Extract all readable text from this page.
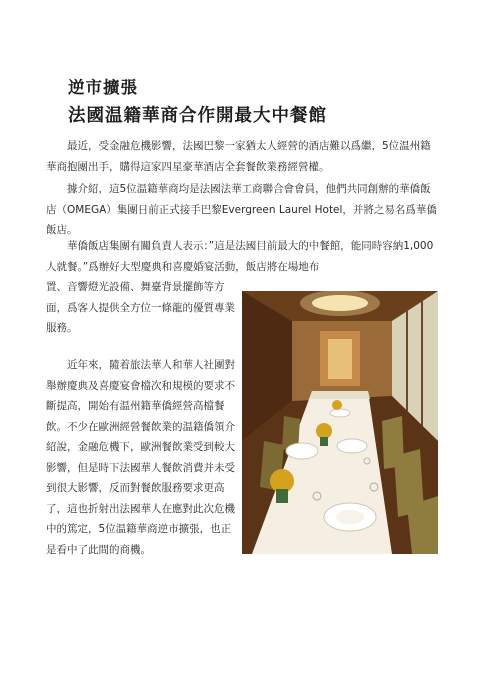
逆市擴張
法國温籍華商合作開最大中餐館

　　最近，受金融危機影響，法國巴黎一家猶太人經營的酒店難以爲繼，5位温州籍華商抱團出手，購得這家四星豪華酒店全套餐飲業務經營權。

　　據介紹，這5位温籍華商均是法國法華工商聯合會會員，他們共同創辦的華僑飯店（OMEGA）集團日前正式接手巴黎Evergreen Laurel Hotel，并將之易名爲華僑飯店。

　　華僑飯店集團有關負責人表示：”這是法國目前最大的中餐館，能同時容納1,000人就餐。”爲辦好大型慶典和喜慶婚宴活動，飯店將在場地布

置、音響燈光設備、舞臺背景擺飾等方面，爲客人提供全方位一條龍的優質專業服務。

　　近年來，隨着旅法華人和華人社團對舉辦慶典及喜慶宴會檔次和規模的要求不斷提高，開始有温州籍華僑經營高檔餐飲。不少在歐洲經營餐飲業的温籍僑領介紹說，金融危機下，歐洲餐飲業受到較大影響，但是時下法國華人餐飲消費并未受到很大影響，反而對餐飲服務要求更高了，這也折射出法國華人在應對此次危機中的篤定，5位温籍華商逆市擴張，也正是看中了此間的商機。
